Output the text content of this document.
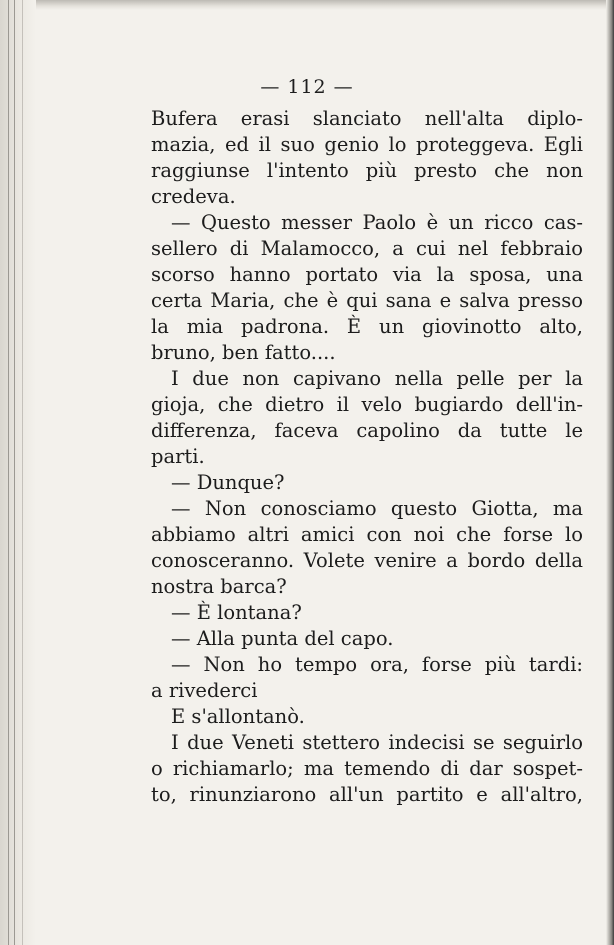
— 112 —
Bufera erasi slanciato nell'alta diplo-
mazia, ed il suo genio lo proteggeva. Egli
raggiunse l'intento più presto che non
credeva.
— Questo messer Paolo è un ricco cas-
sellero di Malamocco, a cui nel febbraio
scorso hanno portato via la sposa, una
certa Maria, che è qui sana e salva presso
la mia padrona. È un giovinotto alto,
bruno, ben fatto....
I due non capivano nella pelle per la
gioja, che dietro il velo bugiardo dell'in-
differenza, faceva capolino da tutte le
parti.
— Dunque?
— Non conosciamo questo Giotta, ma
abbiamo altri amici con noi che forse lo
conosceranno. Volete venire a bordo della
nostra barca?
— È lontana?
— Alla punta del capo.
— Non ho tempo ora, forse più tardi:
a rivederci
E s'allontanò.
I due Veneti stettero indecisi se seguirlo
o richiamarlo; ma temendo di dar sospet-
to, rinunziarono all'un partito e all'altro,
